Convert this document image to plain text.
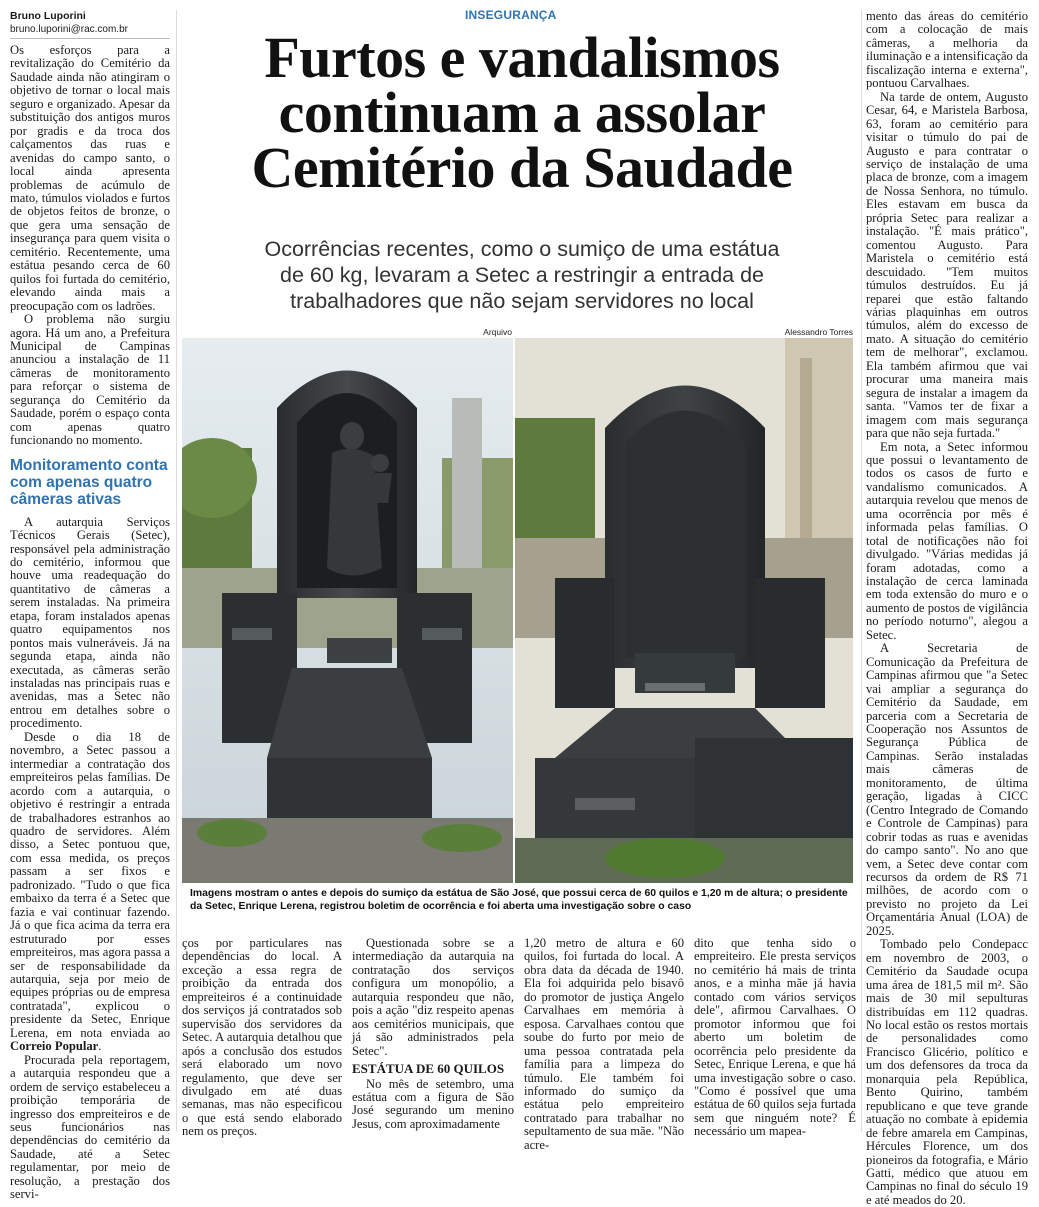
Bruno Luporini
bruno.luporini@rac.com.br

Os esforços para a revitalização do Cemitério da Saudade ainda não atingiram o objetivo de tornar o local mais seguro e organizado. Apesar da substituição dos antigos muros por gradis e da troca dos calçamentos das ruas e avenidas do campo santo, o local ainda apresenta problemas de acúmulo de mato, túmulos violados e furtos de objetos feitos de bronze, o que gera uma sensação de insegurança para quem visita o cemitério. Recentemente, uma estátua pesando cerca de 60 quilos foi furtada do cemitério, elevando ainda mais a preocupação com os ladrões.

O problema não surgiu agora. Há um ano, a Prefeitura Municipal de Campinas anunciou a instalação de 11 câmeras de monitoramento para reforçar o sistema de segurança do Cemitério da Saudade, porém o espaço conta com apenas quatro funcionando no momento.

Monitoramento conta com apenas quatro câmeras ativas

A autarquia Serviços Técnicos Gerais (Setec), responsável pela administração do cemitério, informou que houve uma readequação do quantitativo de câmeras a serem instaladas. Na primeira etapa, foram instalados apenas quatro equipamentos nos pontos mais vulneráveis. Já na segunda etapa, ainda não executada, as câmeras serão instaladas nas principais ruas e avenidas, mas a Setec não entrou em detalhes sobre o procedimento.

Desde o dia 18 de novembro, a Setec passou a intermediar a contratação dos empreiteiros pelas famílias. De acordo com a autarquia, o objetivo é restringir a entrada de trabalhadores estranhos ao quadro de servidores. Além disso, a Setec pontuou que, com essa medida, os preços passam a ser fixos e padronizado. "Tudo o que fica embaixo da terra é a Setec que fazia e vai continuar fazendo. Já o que fica acima da terra era estruturado por esses empreiteiros, mas agora passa a ser de responsabilidade da autarquia, seja por meio de equipes próprias ou de empresa contratada", explicou o presidente da Setec, Enrique Lerena, em nota enviada ao Correio Popular.

Procurada pela reportagem, a autarquia respondeu que a ordem de serviço estabeleceu a proibição temporária de ingresso dos empreiteiros e de seus funcionários nas dependências do cemitério da Saudade, até a Setec regulamentar, por meio de resolução, a prestação dos servi-

INSEGURANÇA
Furtos e vandalismos
continuam a assolar
Cemitério da Saudade
Ocorrências recentes, como o sumiço de uma estátua
de 60 kg, levaram a Setec a restringir a entrada de
trabalhadores que não sejam servidores no local
Arquivo	Alessandro Torres
Imagens mostram o antes e depois do sumiço da estátua de São José, que possui cerca de 60 quilos e 1,20 m de altura; o presidente
da Setec, Enrique Lerena, registrou boletim de ocorrência e foi aberta uma investigação sobre o caso

ços por particulares nas dependências do local. A exceção a essa regra de proibição da entrada dos empreiteiros é a continuidade dos serviços já contratados sob supervisão dos servidores da Setec. A autarquia detalhou que após a conclusão dos estudos será elaborado um novo regulamento, que deve ser divulgado em até duas semanas, mas não especificou o que está sendo elaborado nem os preços.

Questionada sobre se a intermediação da autarquia na contratação dos serviços configura um monopólio, a autarquia respondeu que não, pois a ação "diz respeito apenas aos cemitérios municipais, que já são administrados pela Setec".

ESTÁTUA DE 60 QUILOS

No mês de setembro, uma estátua com a figura de São José segurando um menino Jesus, com aproximadamente

1,20 metro de altura e 60 quilos, foi furtada do local. A obra data da década de 1940. Ela foi adquirida pelo bisavô do promotor de justiça Angelo Carvalhaes em memória à esposa. Carvalhaes contou que soube do furto por meio de uma pessoa contratada pela família para a limpeza do túmulo. Ele também foi informado do sumiço da estátua pelo empreiteiro contratado para trabalhar no sepultamento de sua mãe. "Não acre-

dito que tenha sido o empreiteiro. Ele presta serviços no cemitério há mais de trinta anos, e a minha mãe já havia contado com vários serviços dele", afirmou Carvalhaes. O promotor informou que foi aberto um boletim de ocorrência pelo presidente da Setec, Enrique Lerena, e que há uma investigação sobre o caso. "Como é possível que uma estátua de 60 quilos seja furtada sem que ninguém note? É necessário um mapea-

mento das áreas do cemitério com a colocação de mais câmeras, a melhoria da iluminação e a intensificação da fiscalização interna e externa", pontuou Carvalhaes.

Na tarde de ontem, Augusto Cesar, 64, e Maristela Barbosa, 63, foram ao cemitério para visitar o túmulo do pai de Augusto e para contratar o serviço de instalação de uma placa de bronze, com a imagem de Nossa Senhora, no túmulo. Eles estavam em busca da própria Setec para realizar a instalação. "É mais prático", comentou Augusto. Para Maristela o cemitério está descuidado. "Tem muitos túmulos destruídos. Eu já reparei que estão faltando várias plaquinhas em outros túmulos, além do excesso de mato. A situação do cemitério tem de melhorar", exclamou. Ela também afirmou que vai procurar uma maneira mais segura de instalar a imagem da santa. "Vamos ter de fixar a imagem com mais segurança para que não seja furtada."

Em nota, a Setec informou que possui o levantamento de todos os casos de furto e vandalismo comunicados. A autarquia revelou que menos de uma ocorrência por mês é informada pelas famílias. O total de notificações não foi divulgado. "Várias medidas já foram adotadas, como a instalação de cerca laminada em toda extensão do muro e o aumento de postos de vigilância no período noturno", alegou a Setec.

A Secretaria de Comunicação da Prefeitura de Campinas afirmou que "a Setec vai ampliar a segurança do Cemitério da Saudade, em parceria com a Secretaria de Cooperação nos Assuntos de Segurança Pública de Campinas. Serão instaladas mais câmeras de monitoramento, de última geração, ligadas à CICC (Centro Integrado de Comando e Controle de Campinas) para cobrir todas as ruas e avenidas do campo santo". No ano que vem, a Setec deve contar com recursos da ordem de R$ 71 milhões, de acordo com o previsto no projeto da Lei Orçamentária Anual (LOA) de 2025.

Tombado pelo Condepacc em novembro de 2003, o Cemitério da Saudade ocupa uma área de 181,5 mil m². São mais de 30 mil sepulturas distribuídas em 112 quadras. No local estão os restos mortais de personalidades como Francisco Glicério, político e um dos defensores da troca da monarquia pela República, Bento Quirino, também republicano e que teve grande atuação no combate à epidemia de febre amarela em Campinas, Hércules Florence, um dos pioneiros da fotografia, e Mário Gatti, médico que atuou em Campinas no final do século 19 e até meados do 20.
